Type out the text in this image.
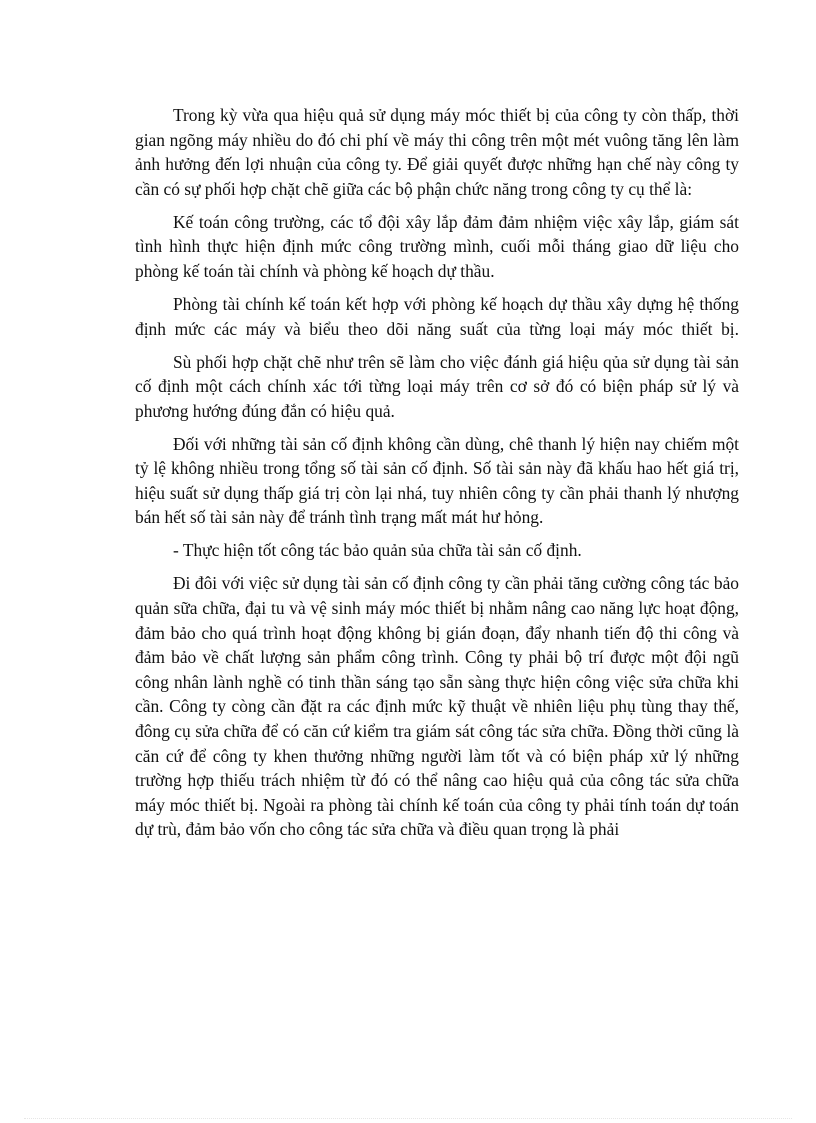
Trong kỳ vừa qua hiệu quả sử dụng máy móc thiết bị của công ty còn thấp, thời gian ngõng máy nhiều do đó chi phí về máy thi công trên một mét vuông tăng lên làm ảnh hưởng đến lợi nhuận của công ty. Để giải quyết được những hạn chế này công ty cần có sự phối hợp chặt chẽ giữa các bộ phận chức năng trong công ty cụ thể là:

Kế toán công trường, các tổ đội xây lắp đảm đảm nhiệm việc xây lắp, giám sát tình hình thực hiện định mức công trường mình, cuối mỗi tháng giao dữ liệu cho phòng kế toán tài chính và phòng kế hoạch dự thầu.

Phòng tài chính kế toán kết hợp với phòng kế hoạch dự thầu xây dựng hệ thống định mức các máy và biểu theo dõi năng suất của từng loại máy móc thiết bị.

Sù phối hợp chặt chẽ như trên sẽ làm cho việc đánh giá hiệu qủa sử dụng tài sản cố định một cách chính xác tới từng loại máy trên cơ sở đó có biện pháp sử lý và phương hướng đúng đắn có hiệu quả.

Đối với những tài sản cố định không cần dùng, chê thanh lý hiện nay chiếm một tỷ lệ không nhiều trong tổng số tài sản cố định. Số tài sản này đã khấu hao hết giá trị, hiệu suất sử dụng thấp giá trị còn lại nhá, tuy nhiên công ty cần phải thanh lý nhượng bán hết số tài sản này để tránh tình trạng mất mát hư hỏng.

- Thực hiện tốt công tác bảo quản sủa chữa tài sản cố định.

Đi đôi với việc sử dụng tài sản cố định công ty cần phải tăng cường công tác bảo quản sữa chữa, đại tu và vệ sinh máy móc thiết bị nhằm nâng cao năng lực hoạt động, đảm bảo cho quá trình hoạt động không bị gián đoạn, đẩy nhanh tiến độ thi công và đảm bảo về chất lượng sản phẩm công trình. Công ty phải bộ trí được một đội ngũ công nhân lành nghề có tinh thần sáng tạo sẵn sàng thực hiện công việc sửa chữa khi cần. Công ty còng cần đặt ra các định mức kỹ thuật về nhiên liệu phụ tùng thay thế, đông cụ sửa chữa để có căn cứ kiểm tra giám sát công tác sửa chữa. Đồng thời cũng là căn cứ để công ty khen thưởng những người làm tốt và có biện pháp xử lý những trường hợp thiếu trách nhiệm từ đó có thể nâng cao hiệu quả của công tác sửa chữa máy móc thiết bị. Ngoài ra phòng tài chính kế toán của công ty phải tính toán dự toán dự trù, đảm bảo vốn cho công tác sửa chữa và điều quan trọng là phải
